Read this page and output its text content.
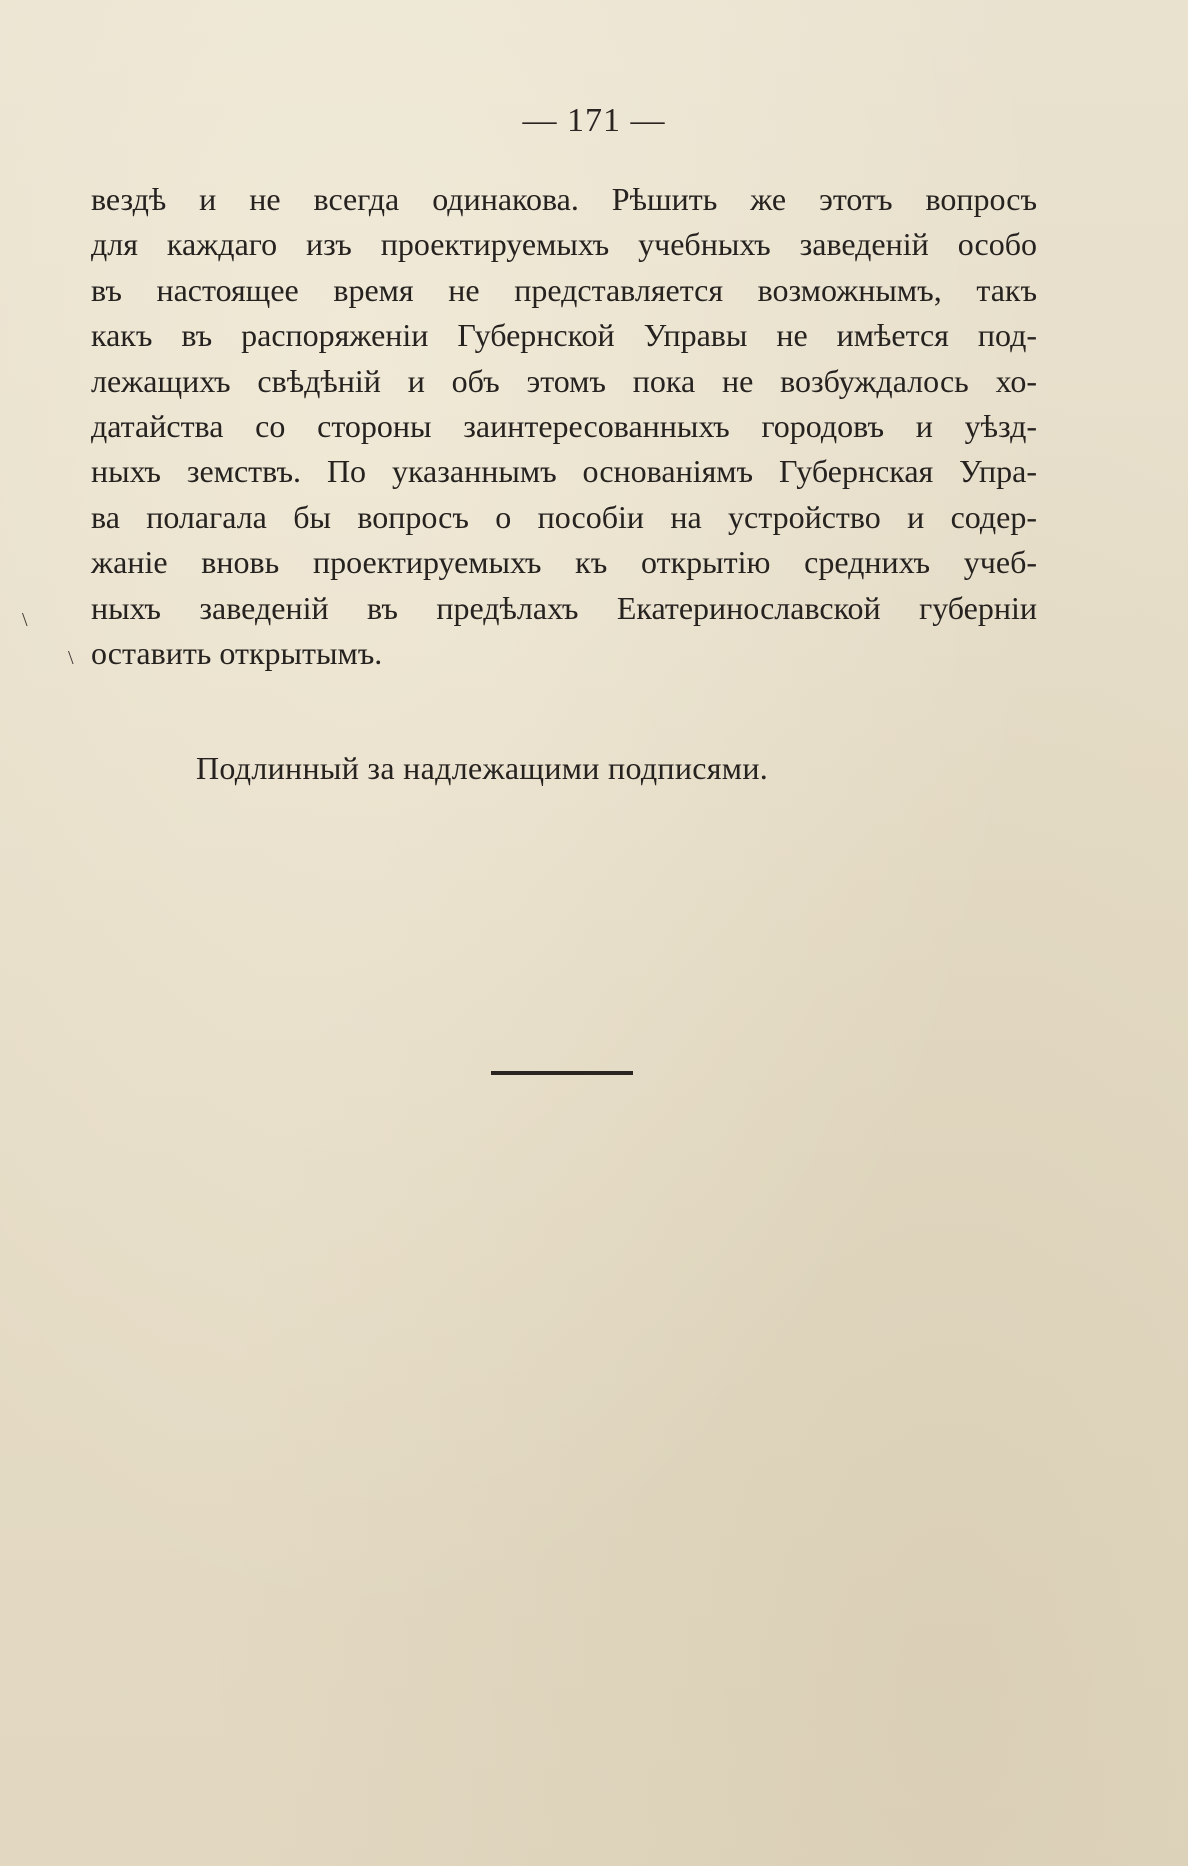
— 171 —
вездѣ и не всегда одинакова. Рѣшить же этотъ вопросъ
для каждаго изъ проектируемыхъ учебныхъ заведенiй особо
въ настоящее время не представляется возможнымъ, такъ
какъ въ распоряженiи Губернской Управы не имѣется под-
лежащихъ свѣдѣнiй и объ этомъ пока не возбуждалось хо-
датайства со стороны заинтересованныхъ городовъ и уѣзд-
ныхъ земствъ. По указаннымъ основанiямъ Губернская Упра-
ва полагала бы вопросъ о пособiи на устройство и содер-
жанiе вновь проектируемыхъ къ открытiю среднихъ учеб-
ныхъ заведенiй въ предѣлахъ Екатеринославской губернiи
оставить открытымъ.
Подлинный за надлежащими подписями.
\
\
